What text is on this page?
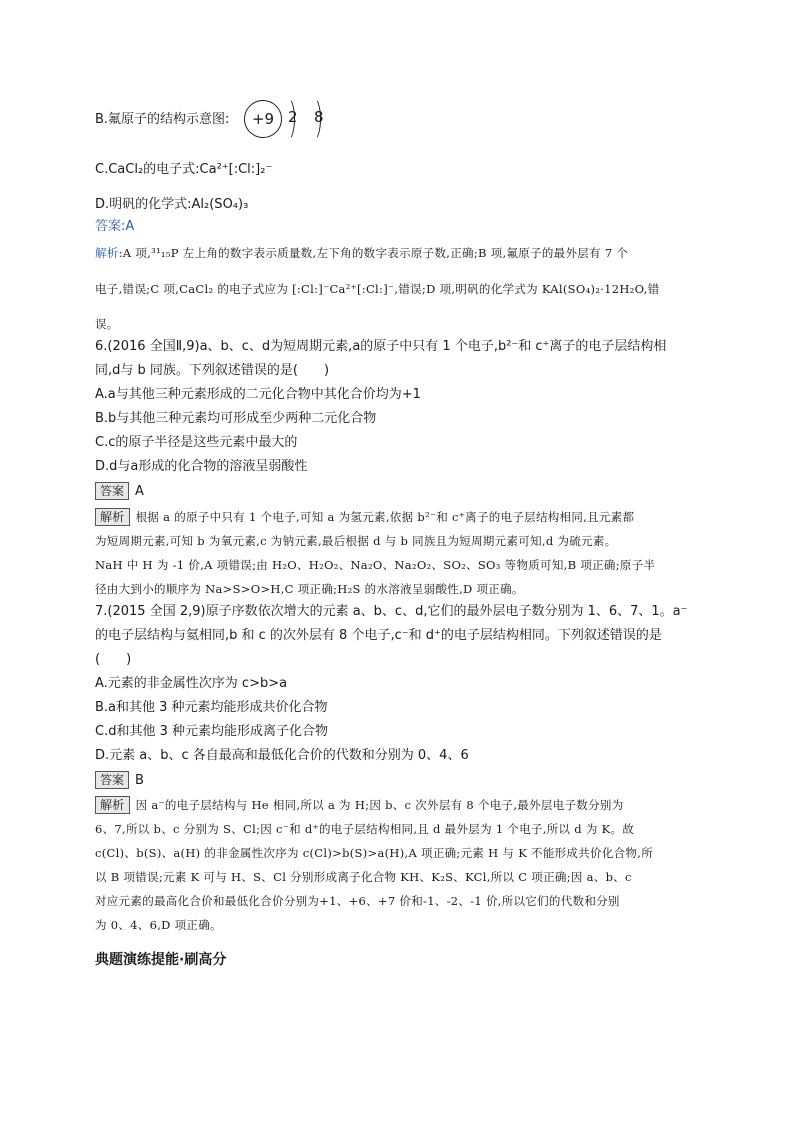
B.氟原子的结构示意图:	+9 2 8
C.CaCl₂的电子式:Ca²⁺[:Cl:]₂⁻
D.明矾的化学式:Al₂(SO₄)₃
答案:A
解析:A 项,³¹₁₅P 左上角的数字表示质量数,左下角的数字表示原子数,正确;B 项,氟原子的最外层有 7 个
电子,错误;C 项,CaCl₂ 的电子式应为 [:Cl:]⁻Ca²⁺[:Cl:]⁻,错误;D 项,明矾的化学式为 KAl(SO₄)₂·12H₂O,错
误。
6.(2016 全国Ⅱ,9)a、b、c、d为短周期元素,a的原子中只有 1 个电子,b²⁻和 c⁺离子的电子层结构相
同,d与 b 同族。下列叙述错误的是(　　)
A.a与其他三种元素形成的二元化合物中其化合价均为+1
B.b与其他三种元素均可形成至少两种二元化合物
C.c的原子半径是这些元素中最大的
D.d与a形成的化合物的溶液呈弱酸性
答案 A
解析 根据 a 的原子中只有 1 个电子,可知 a 为氢元素,依据 b²⁻和 c⁺离子的电子层结构相同,且元素都
为短周期元素,可知 b 为氧元素,c 为钠元素,最后根据 d 与 b 同族且为短周期元素可知,d 为硫元素。
NaH 中 H 为 -1 价,A 项错误;由 H₂O、H₂O₂、Na₂O、Na₂O₂、SO₂、SO₃ 等物质可知,B 项正确;原子半
径由大到小的顺序为 Na>S>O>H,C 项正确;H₂S 的水溶液呈弱酸性,D 项正确。
7.(2015 全国 2,9)原子序数依次增大的元素 a、b、c、d,它们的最外层电子数分别为 1、6、7、1。a⁻
的电子层结构与氦相同,b 和 c 的次外层有 8 个电子,c⁻和 d⁺的电子层结构相同。下列叙述错误的是
(　　)
A.元素的非金属性次序为 c>b>a
B.a和其他 3 种元素均能形成共价化合物
C.d和其他 3 种元素均能形成离子化合物
D.元素 a、b、c 各自最高和最低化合价的代数和分别为 0、4、6
答案 B
解析 因 a⁻的电子层结构与 He 相同,所以 a 为 H;因 b、c 次外层有 8 个电子,最外层电子数分别为
6、7,所以 b、c 分别为 S、Cl;因 c⁻和 d⁺的电子层结构相同,且 d 最外层为 1 个电子,所以 d 为 K。故
c(Cl)、b(S)、a(H) 的非金属性次序为 c(Cl)>b(S)>a(H),A 项正确;元素 H 与 K 不能形成共价化合物,所
以 B 项错误;元素 K 可与 H、S、Cl 分别形成离子化合物 KH、K₂S、KCl,所以 C 项正确;因 a、b、c
对应元素的最高化合价和最低化合价分别为+1、+6、+7 价和-1、-2、-1 价,所以它们的代数和分别
为 0、4、6,D 项正确。
典题演练提能·刷高分
